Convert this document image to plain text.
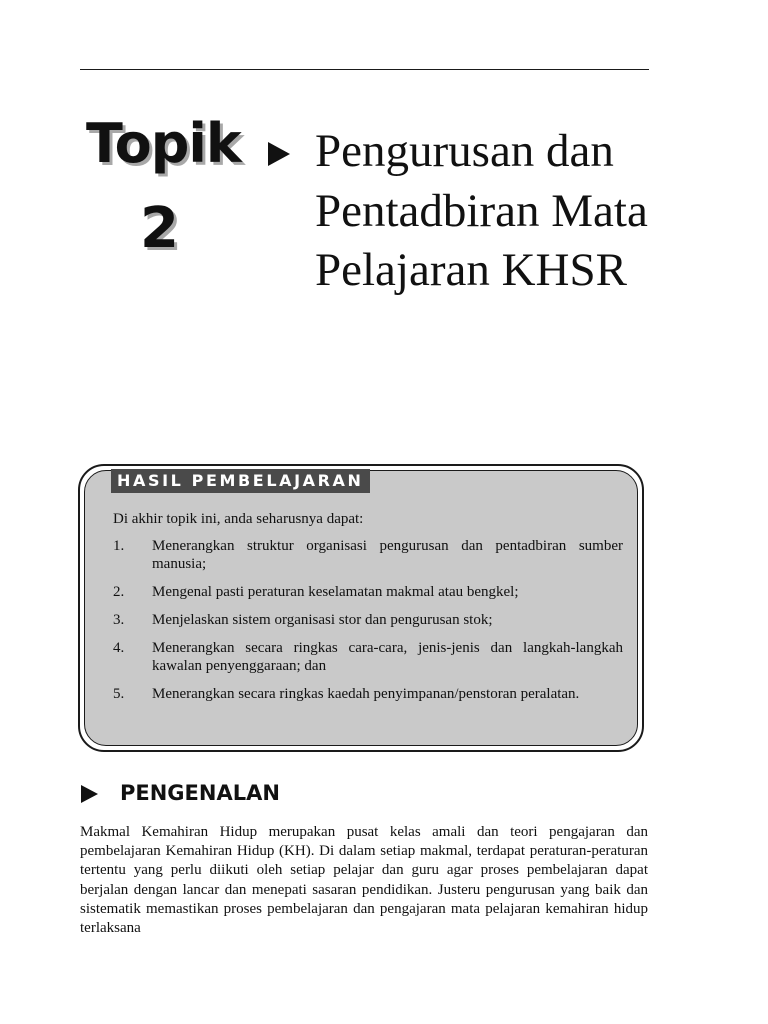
Topik
2
Pengurusan dan Pentadbiran Mata Pelajaran KHSR
HASIL PEMBELAJARAN
Di akhir topik ini, anda seharusnya dapat:
1. Menerangkan struktur organisasi pengurusan dan pentadbiran sumber manusia;
2. Mengenal pasti peraturan keselamatan makmal atau bengkel;
3. Menjelaskan sistem organisasi stor dan pengurusan stok;
4. Menerangkan secara ringkas cara-cara, jenis-jenis dan langkah-langkah kawalan penyenggaraan; dan
5. Menerangkan secara ringkas kaedah penyimpanan/penstoran peralatan.
PENGENALAN

Makmal Kemahiran Hidup merupakan pusat kelas amali dan teori pengajaran dan pembelajaran Kemahiran Hidup (KH). Di dalam setiap makmal, terdapat peraturan-peraturan tertentu yang perlu diikuti oleh setiap pelajar dan guru agar proses pembelajaran dapat berjalan dengan lancar dan menepati sasaran pendidikan. Justeru pengurusan yang baik dan sistematik memastikan proses pembelajaran dan pengajaran mata pelajaran kemahiran hidup terlaksana
